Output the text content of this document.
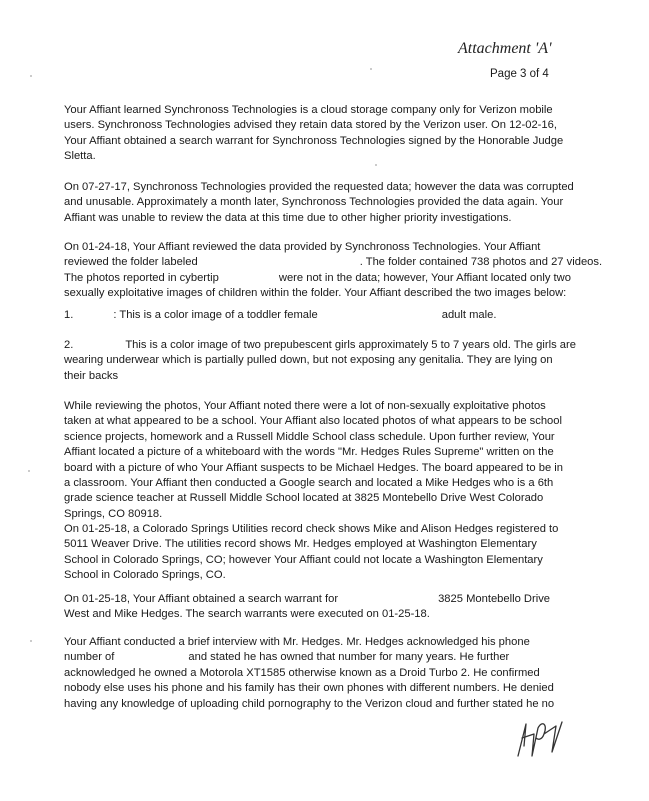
Attachment 'A'
Page 3 of 4
Your Affiant learned Synchronoss Technologies is a cloud storage company only for Verizon mobile
users. Synchronoss Technologies advised they retain data stored by the Verizon user. On 12-02-16,
Your Affiant obtained a search warrant for Synchronoss Technologies signed by the Honorable Judge
Sletta.
On 07-27-17, Synchronoss Technologies provided the requested data; however the data was corrupted
and unusable. Approximately a month later, Synchronoss Technologies provided the data again. Your
Affiant was unable to review the data at this time due to other higher priority investigations.
On 01-24-18, Your Affiant reviewed the data provided by Synchronoss Technologies. Your Affiant
reviewed the folder labeled	. The folder contained 738 photos and 27 videos.
The photos reported in cybertip	were not in the data; however, Your Affiant located only two
sexually exploitative images of children within the folder. Your Affiant described the two images below:
1.	: This is a color image of a toddler female	adult male.
2.	This is a color image of two prepubescent girls approximately 5 to 7 years old. The girls are
wearing underwear which is partially pulled down, but not exposing any genitalia. They are lying on
their backs
While reviewing the photos, Your Affiant noted there were a lot of non-sexually exploitative photos
taken at what appeared to be a school. Your Affiant also located photos of what appears to be school
science projects, homework and a Russell Middle School class schedule. Upon further review, Your
Affiant located a picture of a whiteboard with the words "Mr. Hedges Rules Supreme" written on the
board with a picture of who Your Affiant suspects to be Michael Hedges. The board appeared to be in
a classroom. Your Affiant then conducted a Google search and located a Mike Hedges who is a 6th
grade science teacher at Russell Middle School located at 3825 Montebello Drive West Colorado
Springs, CO 80918.
On 01-25-18, a Colorado Springs Utilities record check shows Mike and Alison Hedges registered to
5011 Weaver Drive. The utilities record shows Mr. Hedges employed at Washington Elementary
School in Colorado Springs, CO; however Your Affiant could not locate a Washington Elementary
School in Colorado Springs, CO.
On 01-25-18, Your Affiant obtained a search warrant for	3825 Montebello Drive
West and Mike Hedges. The search warrants were executed on 01-25-18.
Your Affiant conducted a brief interview with Mr. Hedges. Mr. Hedges acknowledged his phone
number of	and stated he has owned that number for many years. He further
acknowledged he owned a Motorola XT1585 otherwise known as a Droid Turbo 2. He confirmed
nobody else uses his phone and his family has their own phones with different numbers. He denied
having any knowledge of uploading child pornography to the Verizon cloud and further stated he no
